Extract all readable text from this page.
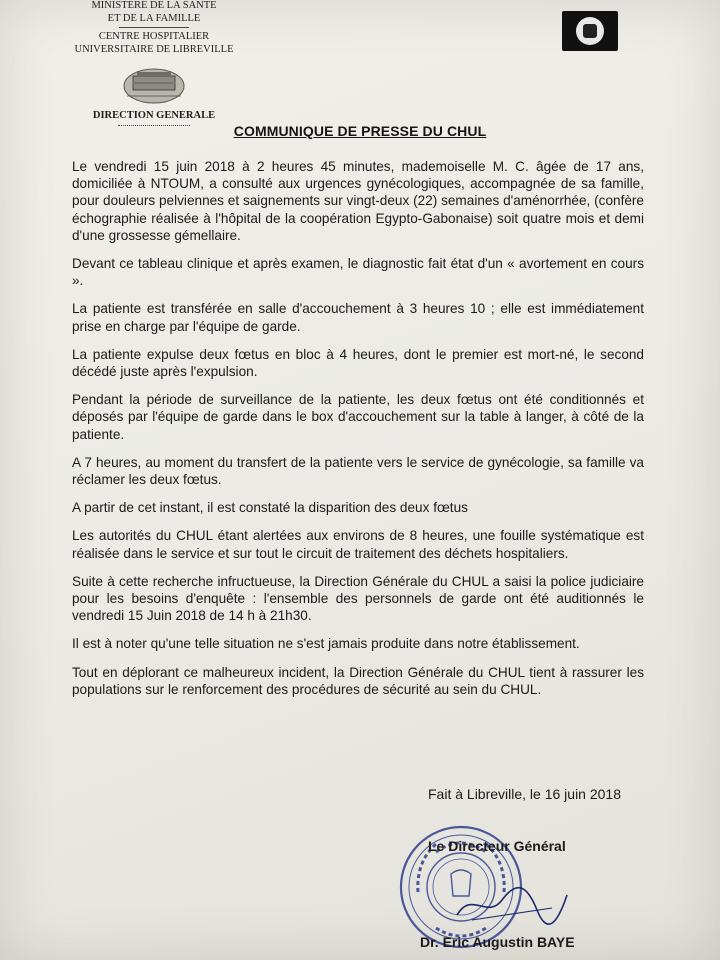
MINISTERE DE LA SANTE
ET DE LA FAMILLE
CENTRE HOSPITALIER
UNIVERSITAIRE DE LIBREVILLE
DIRECTION GENERALE
COMMUNIQUE DE PRESSE DU CHUL

Le vendredi 15 juin 2018 à 2 heures 45 minutes, mademoiselle M. C. âgée de 17 ans, domiciliée à NTOUM, a consulté aux urgences gynécologiques, accompagnée de sa famille, pour douleurs pelviennes et saignements sur vingt-deux (22) semaines d'aménorrhée, (confère échographie réalisée à l'hôpital de la coopération Egypto-Gabonaise) soit quatre mois et demi d'une grossesse gémellaire.

Devant ce tableau clinique et après examen, le diagnostic fait état d'un « avortement en cours ».

La patiente est transférée en salle d'accouchement à 3 heures 10 ; elle est immédiatement prise en charge par l'équipe de garde.

La patiente expulse deux fœtus en bloc à 4 heures, dont le premier est mort-né, le second décédé juste après l'expulsion.

Pendant la période de surveillance de la patiente, les deux fœtus ont été conditionnés et déposés par l'équipe de garde dans le box d'accouchement sur la table à langer, à côté de la patiente.

A 7 heures, au moment du transfert de la patiente vers le service de gynécologie, sa famille va réclamer les deux fœtus.

A partir de cet instant, il est constaté la disparition des deux fœtus

Les autorités du CHUL étant alertées aux environs de 8 heures, une fouille systématique est réalisée dans le service et sur tout le circuit de traitement des déchets hospitaliers.

Suite à cette recherche infructueuse, la Direction Générale du CHUL a saisi la police judiciaire pour les besoins d'enquête : l'ensemble des personnels de garde ont été auditionnés le vendredi 15 Juin 2018 de 14 h à 21h30.

Il est à noter qu'une telle situation ne s'est jamais produite dans notre établissement.

Tout en déplorant ce malheureux incident, la Direction Générale du CHUL tient à rassurer les populations sur le renforcement des procédures de sécurité au sein du CHUL.

Fait à Libreville, le 16 juin 2018
Le Directeur Général
Dr. Eric Augustin BAYE
